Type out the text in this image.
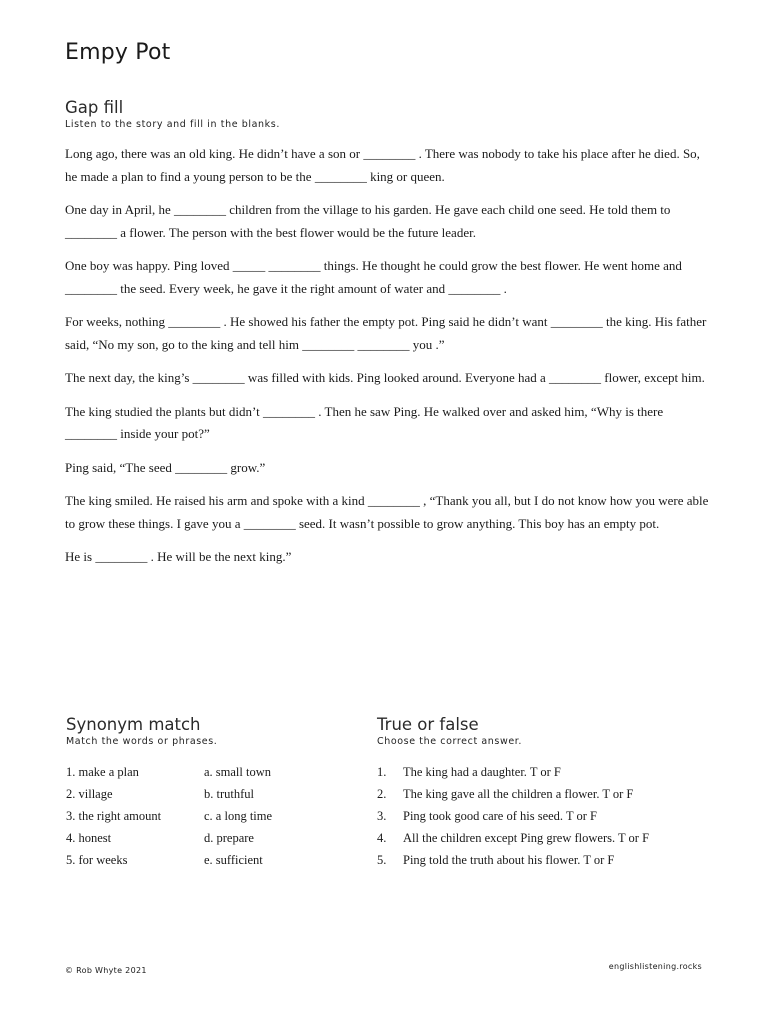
Empy Pot
Gap fill
Listen to the story and fill in the blanks.

Long ago, there was an old king. He didn’t have a son or ________ . There was nobody to take his place after he died. So, he made a plan to find a young person to be the ________ king or queen.

One day in April, he ________ children from the village to his garden. He gave each child one seed. He told them to ________ a flower. The person with the best flower would be the future leader.

One boy was happy. Ping loved _____ ________ things. He thought he could grow the best flower. He went home and ________ the seed. Every week, he gave it the right amount of water and ________ .

For weeks, nothing ________ . He showed his father the empty pot. Ping said he didn’t want ________ the king. His father said, “No my son, go to the king and tell him ________ ________ you .”

The next day, the king’s ________ was filled with kids. Ping looked around. Everyone had a ________ flower, except him.

The king studied the plants but didn’t ________ . Then he saw Ping. He walked over and asked him, “Why is there ________ inside your pot?”

Ping said, “The seed ________ grow.”

The king smiled. He raised his arm and spoke with a kind ________ , “Thank you all, but I do not know how you were able to grow these things. I gave you a ________ seed. It wasn’t possible to grow anything. This boy has an empty pot.

He is ________ . He will be the next king.”

Synonym match
Match the words or phrases.
1. make a plan	a. small town
2. village	b. truthful
3. the right amount	c. a long time
4. honest	d. prepare
5. for weeks	e. sufficient
True or false
Choose the correct answer.
1.	The king had a daughter. T or F
2.	The king gave all the children a flower. T or F
3.	Ping took good care of his seed. T or F
4.	All the children except Ping grew flowers. T or F
5.	Ping told the truth about his flower. T or F
© Rob Whyte 2021	englishlistening.rocks
